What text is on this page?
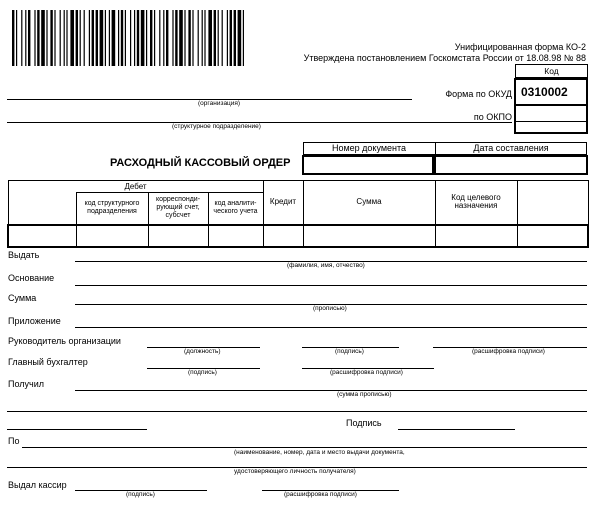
Унифицированная форма КО-2
Утверждена постановлением Госкомстата России от 18.08.98 № 88
Код
0310002
Форма по ОКУД
по ОКПО
(организация)
(структурное подразделение)
РАСХОДНЫЙ КАССОВЫЙ ОРДЕР
Номер документа	Дата составления
Дебет				Кредит	Сумма	Код целевого назначения	
	код структурного подразделения	корреспонди-рующий счет, субсчет	код аналити-ческого учета				

Выдать
(фамилия, имя, отчество)
Основание
Сумма
(прописью)
Приложение
Руководитель организации
(должность)	(подпись)	(расшифровка подписи)
Главный бухгалтер
(подпись)	(расшифровка подписи)
Получил
(сумма прописью)
Подпись
По
(наименование, номер, дата и место выдачи документа,
удостоверяющего личность получателя)
Выдал кассир
(подпись)	(расшифровка подписи)
